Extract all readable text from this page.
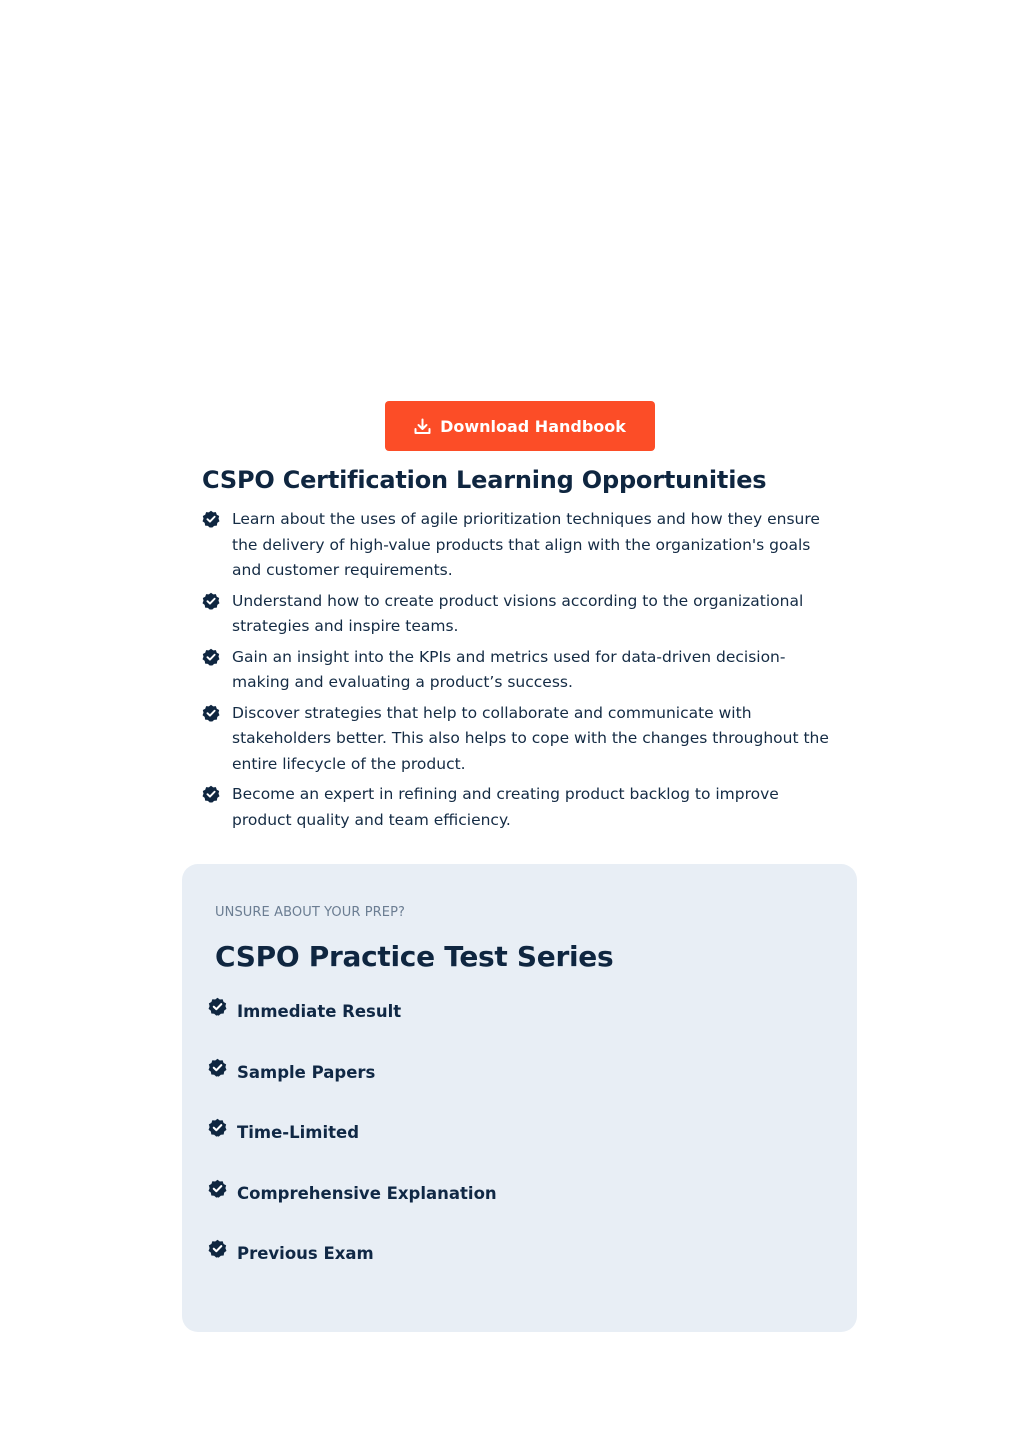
Download Handbook
CSPO Certification Learning Opportunities
Learn about the uses of agile prioritization techniques and how they ensure the delivery of high-value products that align with the organization's goals and customer requirements.
Understand how to create product visions according to the organizational strategies and inspire teams.
Gain an insight into the KPIs and metrics used for data-driven decision-making and evaluating a product’s success.
Discover strategies that help to collaborate and communicate with stakeholders better. This also helps to cope with the changes throughout the entire lifecycle of the product.
Become an expert in refining and creating product backlog to improve product quality and team efficiency.
UNSURE ABOUT YOUR PREP?
CSPO Practice Test Series
Immediate Result
Sample Papers
Time-Limited
Comprehensive Explanation
Previous Exam
